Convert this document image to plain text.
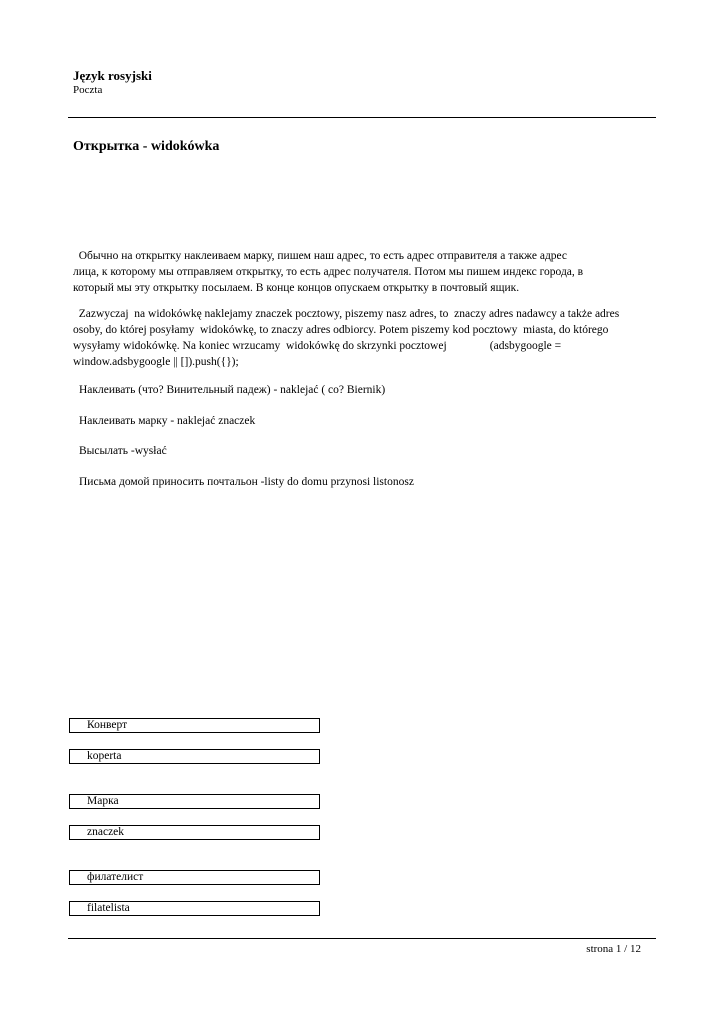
Język rosyjski
Poczta
Открытка - widokówka
Обычно на открытку наклеиваем марку, пишем наш адрес, то есть адрес отправителя а также адрес
лица, к которому мы отправляем открытку, то есть адрес получателя. Потом мы пишем индекс города, в
который мы эту открытку посылаем. В конце концов опускаем открытку в почтовый ящик.
Zazwyczaj  na widokówkę naklejamy znaczek pocztowy, piszemy nasz adres, to  znaczy adres nadawcy a także adres
osoby, do której posyłamy  widokówkę, to znaczy adres odbiorcy. Potem piszemy kod pocztowy  miasta, do którego
wysyłamy widokówkę. Na koniec wrzucamy  widokówkę do skrzynki pocztowej               (adsbygoogle =
window.adsbygoogle || []).push({});
Наклеивать (что? Винительный падеж) - naklejać ( co? Biernik)
Наклеивать марку - naklejać znaczek
Высылать -wysłać
Письма домой приносить почтальон -listy do domu przynosi listonosz
Конверт
koperta
Марка
znaczek
филателист
filatelista
strona 1 / 12
